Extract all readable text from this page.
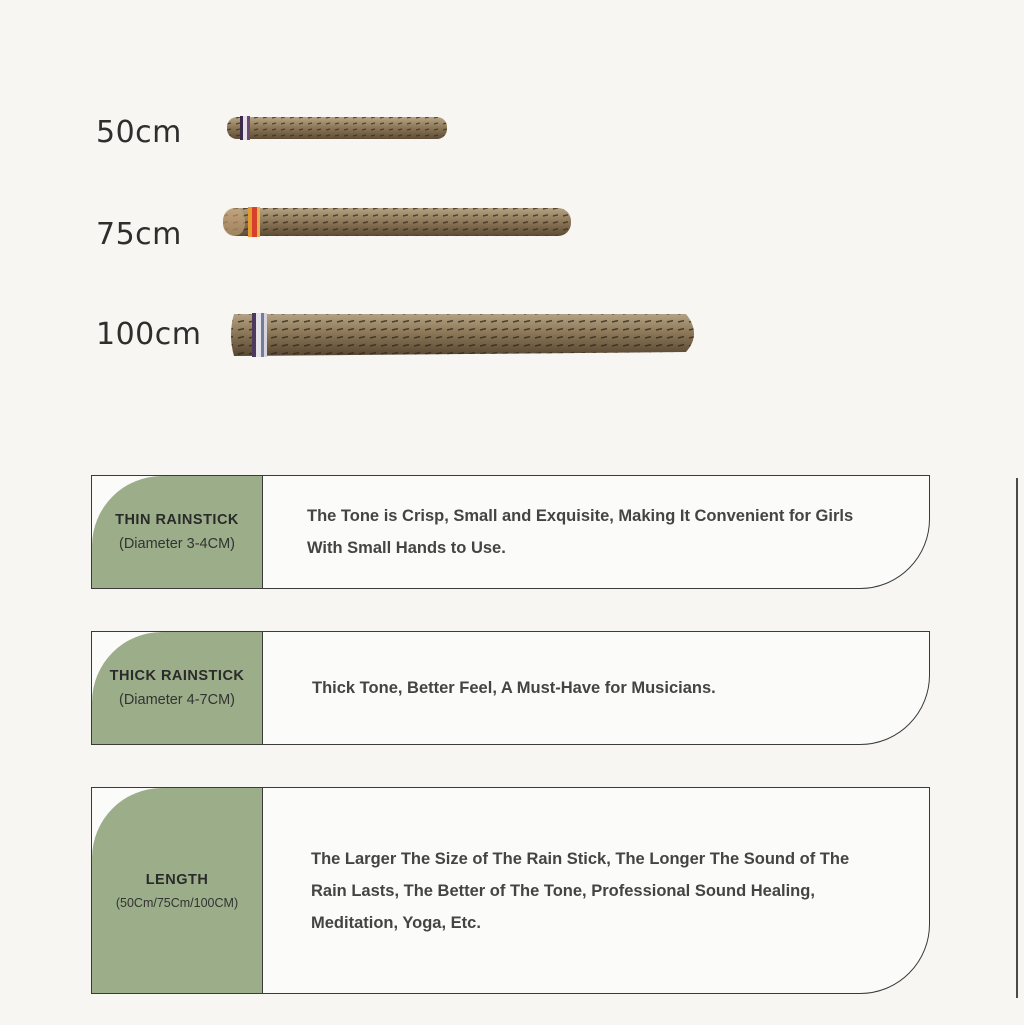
50cm
75cm
100cm
THIN RAINSTICK
(Diameter 3-4CM)
The Tone is Crisp, Small and Exquisite, Making It Convenient for Girls With Small Hands to Use.
THICK RAINSTICK
(Diameter 4-7CM)
Thick Tone, Better Feel, A Must-Have for Musicians.
LENGTH
(50Cm/75Cm/100CM)
The Larger The Size of The Rain Stick, The Longer The Sound of The Rain Lasts, The Better of The Tone, Professional Sound Healing, Meditation, Yoga, Etc.
